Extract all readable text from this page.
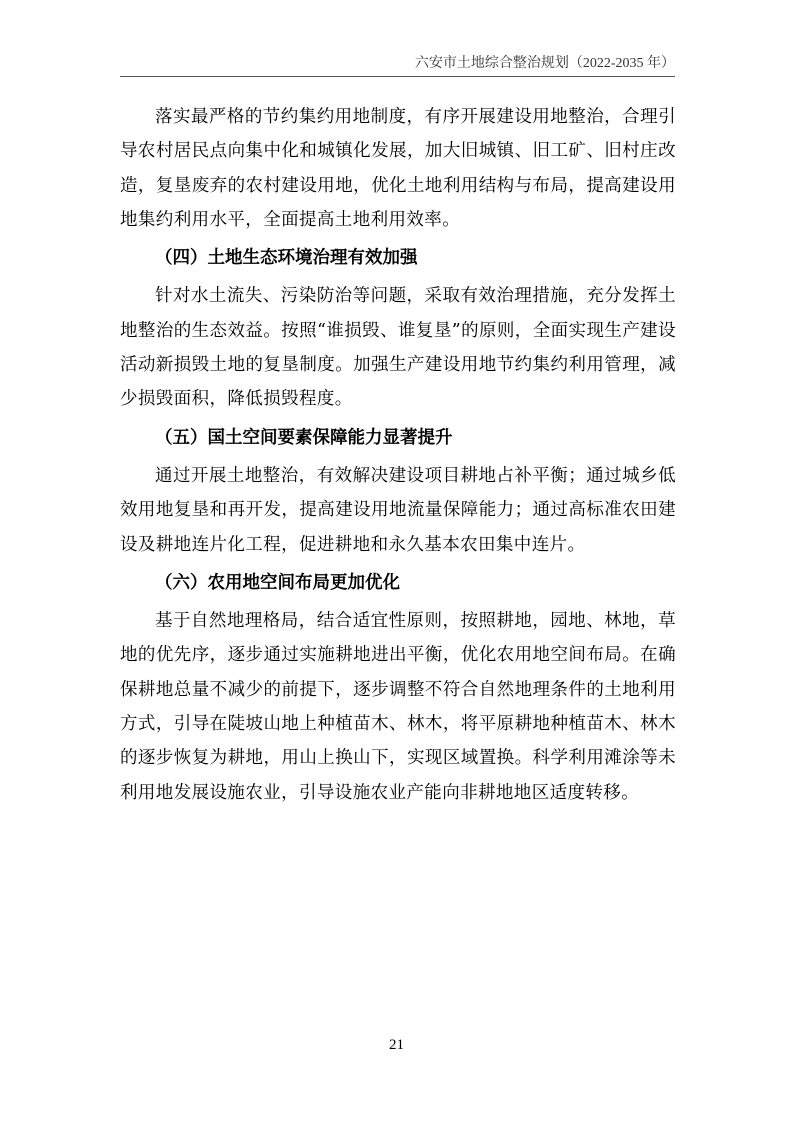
六安市土地综合整治规划（2022-2035 年）

落实最严格的节约集约用地制度，有序开展建设用地整治，合理引导农村居民点向集中化和城镇化发展，加大旧城镇、旧工矿、旧村庄改造，复垦废弃的农村建设用地，优化土地利用结构与布局，提高建设用地集约利用水平，全面提高土地利用效率。

（四）土地生态环境治理有效加强

针对水土流失、污染防治等问题，采取有效治理措施，充分发挥土地整治的生态效益。按照“谁损毁、谁复垦”的原则，全面实现生产建设活动新损毁土地的复垦制度。加强生产建设用地节约集约利用管理，减少损毁面积，降低损毁程度。

（五）国土空间要素保障能力显著提升

通过开展土地整治，有效解决建设项目耕地占补平衡；通过城乡低效用地复垦和再开发，提高建设用地流量保障能力；通过高标准农田建设及耕地连片化工程，促进耕地和永久基本农田集中连片。

（六）农用地空间布局更加优化

基于自然地理格局，结合适宜性原则，按照耕地，园地、林地，草地的优先序，逐步通过实施耕地进出平衡，优化农用地空间布局。在确保耕地总量不减少的前提下，逐步调整不符合自然地理条件的土地利用方式，引导在陡坡山地上种植苗木、林木，将平原耕地种植苗木、林木的逐步恢复为耕地，用山上换山下，实现区域置换。科学利用滩涂等未利用地发展设施农业，引导设施农业产能向非耕地地区适度转移。

21
